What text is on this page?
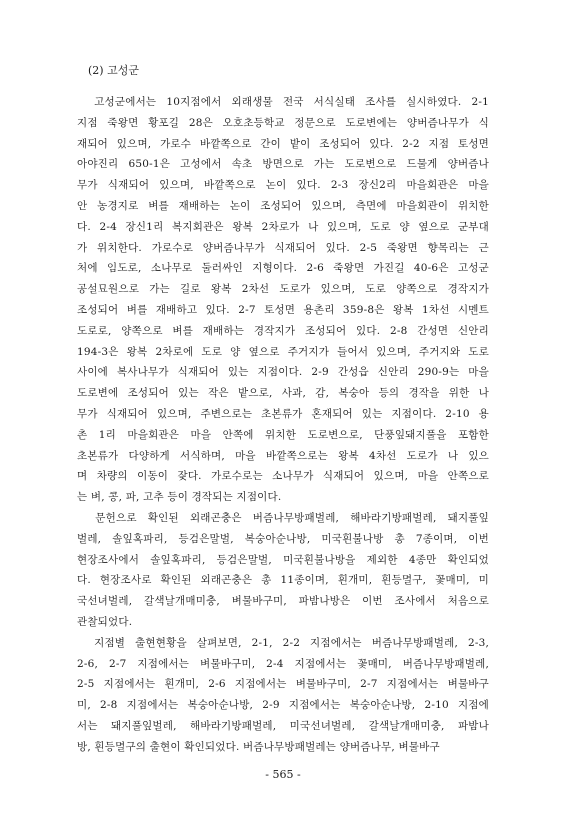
(2) 고성군

　고성군에서는 10지점에서 외래생물 전국 서식실태 조사를 실시하였다. 2-1
지점 죽왕면 황포길 28은 오호초등학교 정문으로 도로변에는 양버즘나무가 식
재되어 있으며, 가로수 바깥쪽으로 간이 밭이 조성되어 있다. 2-2 지점 토성면
아야진리 650-1은 고성에서 속초 방면으로 가는 도로변으로 드물게 양버즘나
무가 식재되어 있으며, 바깥쪽으로 논이 있다. 2-3 장신2리 마을회관은 마을
안 농경지로 벼를 재배하는 논이 조성되어 있으며, 측면에 마을회관이 위치한
다. 2-4 장신1리 복지회관은 왕복 2차로가 나 있으며, 도로 양 옆으로 군부대
가 위치한다. 가로수로 양버즘나무가 식재되어 있다. 2-5 죽왕면 향목리는 근
처에 임도로, 소나무로 둘러싸인 지형이다. 2-6 죽왕면 가진길 40-6은 고성군
공설묘원으로 가는 길로 왕복 2차선 도로가 있으며, 도로 양쪽으로 경작지가
조성되어 벼를 재배하고 있다. 2-7 토성면 용촌리 359-8은 왕복 1차선 시멘트
도로로, 양쪽으로 벼를 재배하는 경작지가 조성되어 있다. 2-8 간성면 신안리
194-3은 왕복 2차로에 도로 양 옆으로 주거지가 들어서 있으며, 주거지와 도로
사이에 복사나무가 식재되어 있는 지점이다. 2-9 간성읍 신안리 290-9는 마을
도로변에 조성되어 있는 작은 밭으로, 사과, 감, 복숭아 등의 경작을 위한 나
무가 식재되어 있으며, 주변으로는 초본류가 혼재되어 있는 지점이다. 2-10 용
촌 1리 마을회관은 마을 안쪽에 위치한 도로변으로, 단풍잎돼지풀을 포함한
초본류가 다양하게 서식하며, 마을 바깥쪽으로는 왕복 4차선 도로가 나 있으
며 차량의 이동이 잦다. 가로수로는 소나무가 식재되어 있으며, 마을 안쪽으로
는 벼, 콩, 파, 고추 등이 경작되는 지점이다.

　문헌으로 확인된 외래곤충은 버즘나무방패벌레, 해바라기방패벌레, 돼지풀잎
벌레, 솔잎혹파리, 등검은말벌, 복숭아순나방, 미국흰불나방 총 7종이며, 이번
현장조사에서 솔잎혹파리, 등검은말벌, 미국흰불나방을 제외한 4종만 확인되었
다. 현장조사로 확인된 외래곤충은 총 11종이며, 흰개미, 흰등멸구, 꽃매미, 미
국선녀벌레, 갈색날개매미충, 벼물바구미, 파밤나방은 이번 조사에서 처음으로
관찰되었다.

　지점별 출현현황을 살펴보면, 2-1, 2-2 지점에서는 버즘나무방패벌레, 2-3,
2-6, 2-7 지점에서는 벼물바구미, 2-4 지점에서는 꽃매미, 버즘나무방패벌레,
2-5 지점에서는 흰개미, 2-6 지점에서는 벼물바구미, 2-7 지점에서는 벼물바구
미, 2-8 지점에서는 복숭아순나방, 2-9 지점에서는 복숭아순나방, 2-10 지점에
서는 돼지풀잎벌레, 해바라기방패벌레, 미국선녀벌레, 갈색날개매미충, 파밤나
방, 흰등멸구의 출현이 확인되었다. 버즘나무방패벌레는 양버즘나무, 벼물바구

- 565 -
